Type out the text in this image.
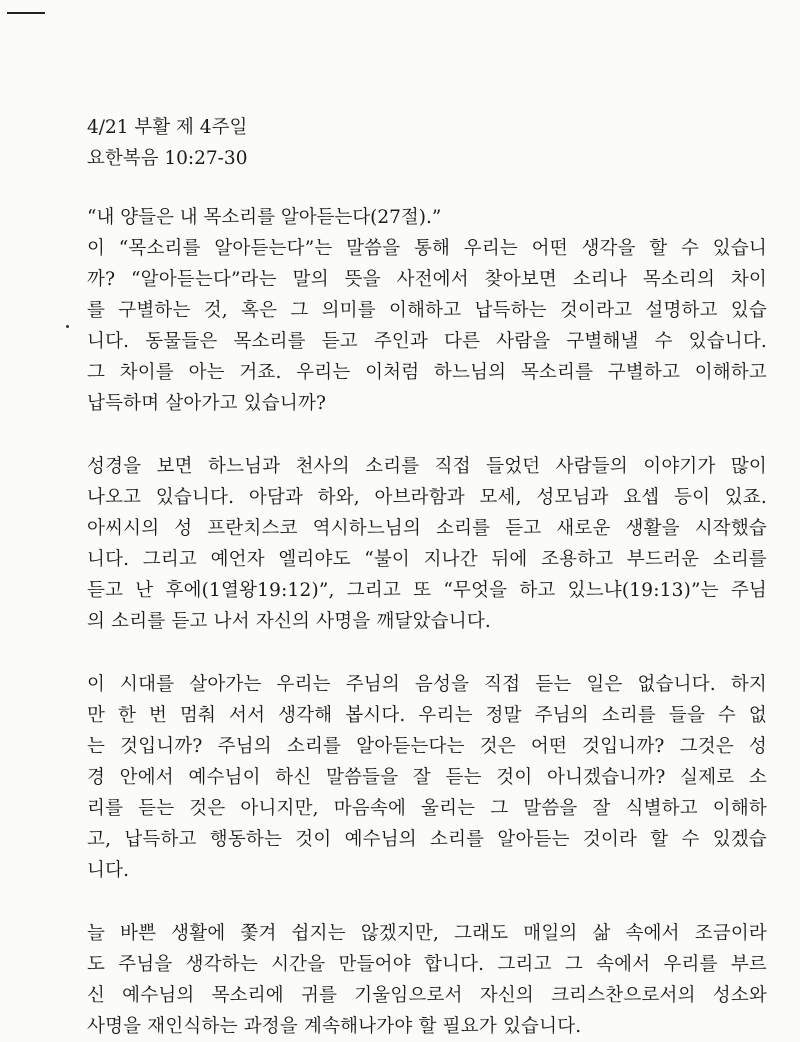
4/21 부활 제 4주일
요한복음 10:27-30
“내 양들은 내 목소리를 알아듣는다(27절).”
이 “목소리를 알아듣는다”는 말씀을 통해 우리는 어떤 생각을 할 수 있습니
까? “알아듣는다”라는 말의 뜻을 사전에서 찾아보면 소리나 목소리의 차이
를 구별하는 것, 혹은 그 의미를 이해하고 납득하는 것이라고 설명하고 있습
니다. 동물들은 목소리를 듣고 주인과 다른 사람을 구별해낼 수 있습니다.
그 차이를 아는 거죠. 우리는 이처럼 하느님의 목소리를 구별하고 이해하고
납득하며 살아가고 있습니까?
성경을 보면 하느님과 천사의 소리를 직접 들었던 사람들의 이야기가 많이
나오고 있습니다. 아담과 하와, 아브라함과 모세, 성모님과 요셉 등이 있죠.
아씨시의 성 프란치스코 역시하느님의 소리를 듣고 새로운 생활을 시작했습
니다. 그리고 예언자 엘리야도 “불이 지나간 뒤에 조용하고 부드러운 소리를
듣고 난 후에(1열왕19:12)”, 그리고 또 “무엇을 하고 있느냐(19:13)”는 주님
의 소리를 듣고 나서 자신의 사명을 깨달았습니다.
이 시대를 살아가는 우리는 주님의 음성을 직접 듣는 일은 없습니다. 하지
만 한 번 멈춰 서서 생각해 봅시다. 우리는 정말 주님의 소리를 들을 수 없
는 것입니까? 주님의 소리를 알아듣는다는 것은 어떤 것입니까? 그것은 성
경 안에서 예수님이 하신 말씀들을 잘 듣는 것이 아니겠습니까? 실제로 소
리를 듣는 것은 아니지만, 마음속에 울리는 그 말씀을 잘 식별하고 이해하
고, 납득하고 행동하는 것이 예수님의 소리를 알아듣는 것이라 할 수 있겠습
니다.
늘 바쁜 생활에 쫓겨 쉽지는 않겠지만, 그래도 매일의 삶 속에서 조금이라
도 주님을 생각하는 시간을 만들어야 합니다. 그리고 그 속에서 우리를 부르
신 예수님의 목소리에 귀를 기울임으로서 자신의 크리스찬으로서의 성소와
사명을 재인식하는 과정을 계속해나가야 할 필요가 있습니다.
